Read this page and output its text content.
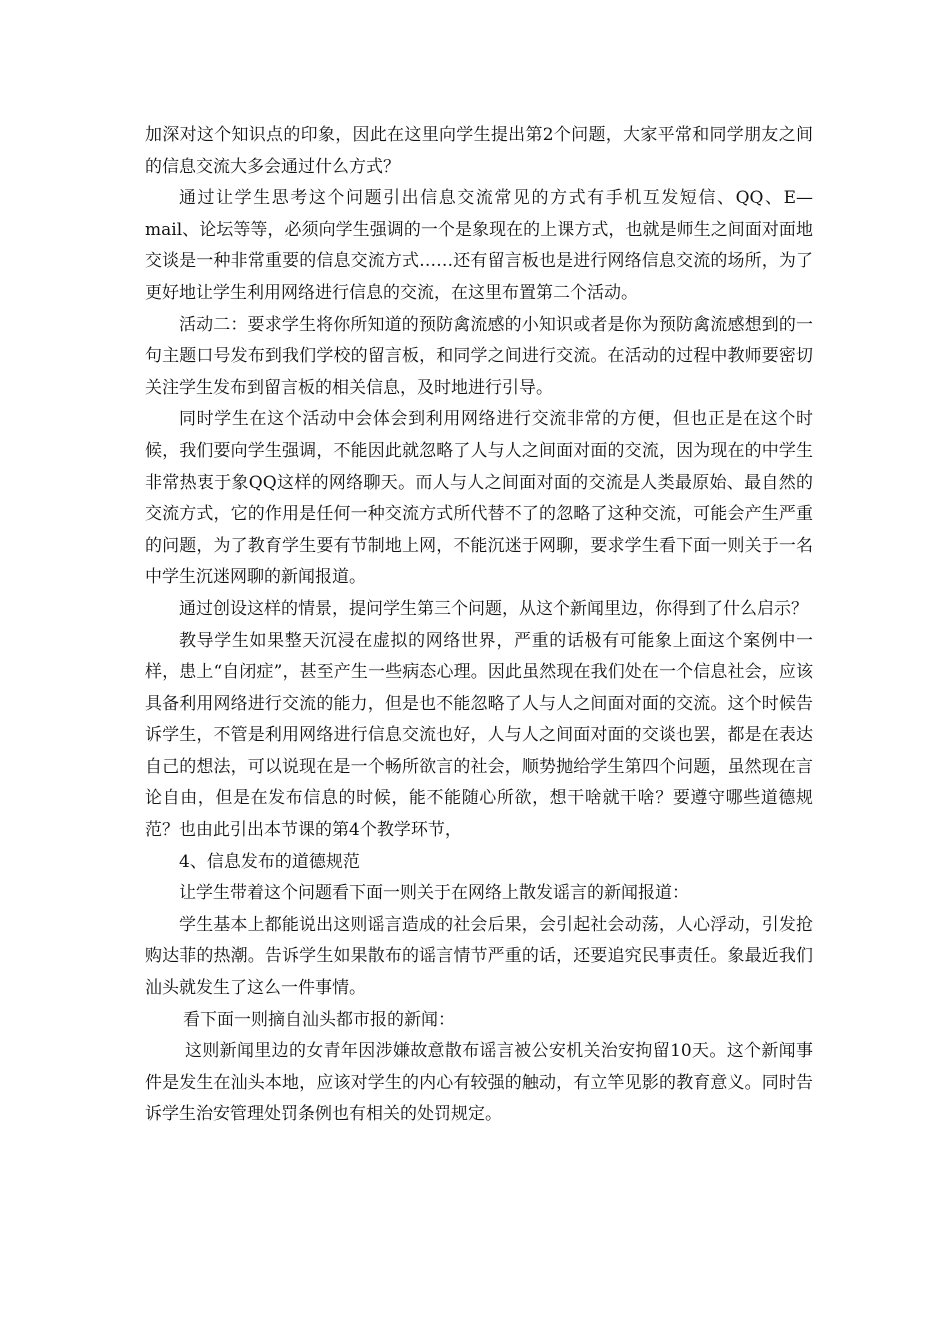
加深对这个知识点的印象，因此在这里向学生提出第2个问题，大家平常和同学朋友之间的信息交流大多会通过什么方式？

通过让学生思考这个问题引出信息交流常见的方式有手机互发短信、QQ、E—mail、论坛等等，必须向学生强调的一个是象现在的上课方式，也就是师生之间面对面地交谈是一种非常重要的信息交流方式……还有留言板也是进行网络信息交流的场所，为了更好地让学生利用网络进行信息的交流，在这里布置第二个活动。

活动二：要求学生将你所知道的预防禽流感的小知识或者是你为预防禽流感想到的一句主题口号发布到我们学校的留言板，和同学之间进行交流。在活动的过程中教师要密切关注学生发布到留言板的相关信息，及时地进行引导。

同时学生在这个活动中会体会到利用网络进行交流非常的方便，但也正是在这个时候，我们要向学生强调，不能因此就忽略了人与人之间面对面的交流，因为现在的中学生非常热衷于象QQ这样的网络聊天。而人与人之间面对面的交流是人类最原始、最自然的交流方式，它的作用是任何一种交流方式所代替不了的忽略了这种交流，可能会产生严重的问题，为了教育学生要有节制地上网，不能沉迷于网聊，要求学生看下面一则关于一名中学生沉迷网聊的新闻报道。

通过创设这样的情景，提问学生第三个问题，从这个新闻里边，你得到了什么启示？

教导学生如果整天沉浸在虚拟的网络世界，严重的话极有可能象上面这个案例中一样，患上“自闭症”，甚至产生一些病态心理。因此虽然现在我们处在一个信息社会，应该具备利用网络进行交流的能力，但是也不能忽略了人与人之间面对面的交流。这个时候告诉学生，不管是利用网络进行信息交流也好，人与人之间面对面的交谈也罢，都是在表达自己的想法，可以说现在是一个畅所欲言的社会，顺势抛给学生第四个问题，虽然现在言论自由，但是在发布信息的时候，能不能随心所欲，想干啥就干啥？要遵守哪些道德规范？也由此引出本节课的第4个教学环节，

4、信息发布的道德规范

让学生带着这个问题看下面一则关于在网络上散发谣言的新闻报道：

学生基本上都能说出这则谣言造成的社会后果，会引起社会动荡，人心浮动，引发抢购达菲的热潮。告诉学生如果散布的谣言情节严重的话，还要追究民事责任。象最近我们汕头就发生了这么一件事情。

看下面一则摘自汕头都市报的新闻：

这则新闻里边的女青年因涉嫌故意散布谣言被公安机关治安拘留10天。这个新闻事件是发生在汕头本地，应该对学生的内心有较强的触动，有立竿见影的教育意义。同时告诉学生治安管理处罚条例也有相关的处罚规定。
